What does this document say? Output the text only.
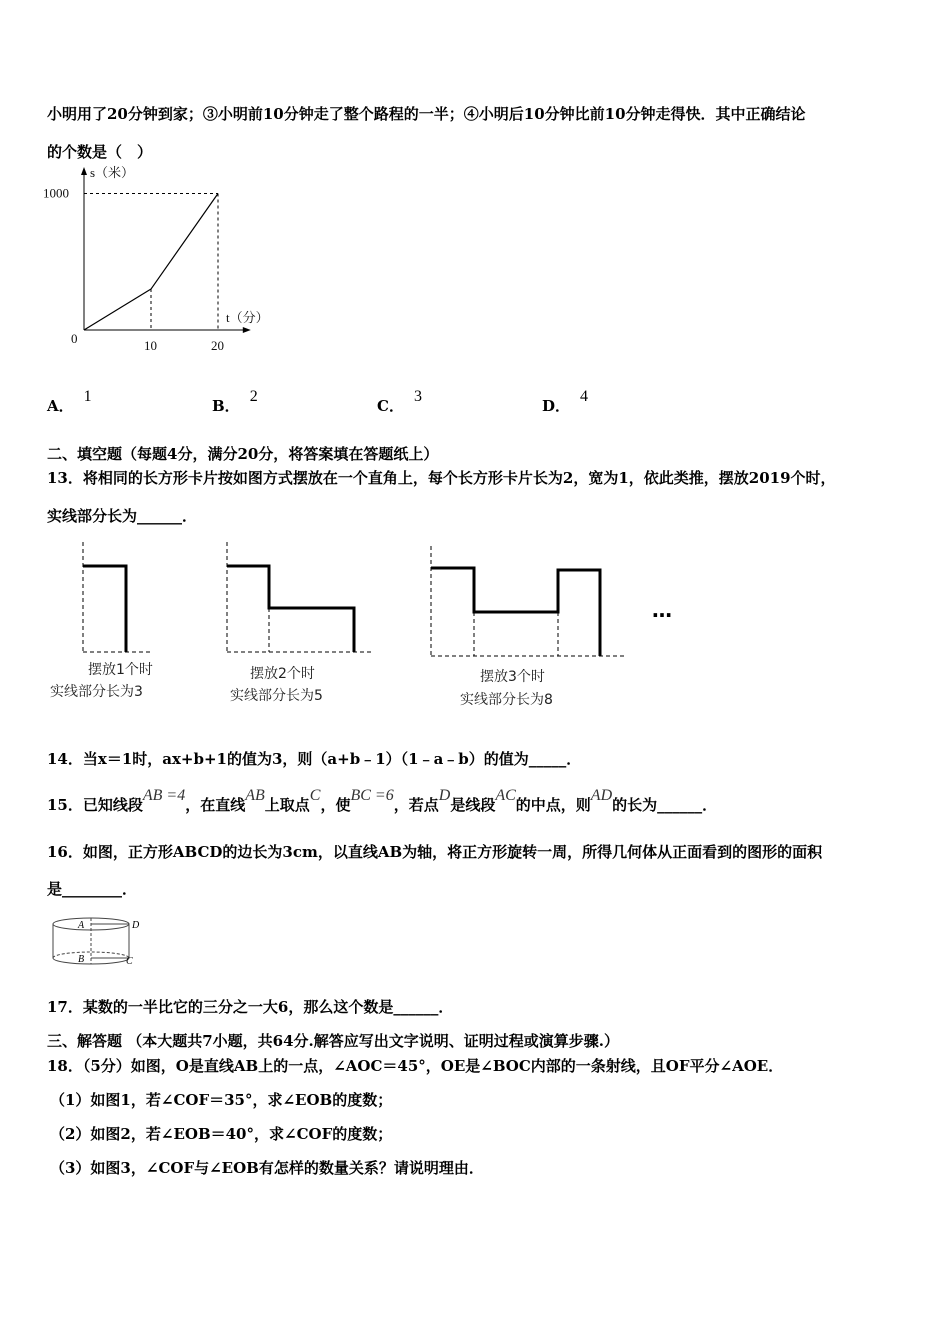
小明用了20分钟到家；③小明前10分钟走了整个路程的一半；④小明后10分钟比前10分钟走得快．其中正确结论
的个数是（　）
0	10	20
1000
s（米）
t（分）
A．1
B．2
C．3
D．4
二、填空题（每题4分，满分20分，将答案填在答题纸上）
13．将相同的长方形卡片按如图方式摆放在一个直角上，每个长方形卡片长为2，宽为1，依此类推，摆放2019个时，
实线部分长为______．
摆放1个时
实线部分长为3
摆放2个时
实线部分长为5
摆放3个时
实线部分长为8
…
14．当x＝1时，ax+b+1的值为3，则（a+b﹣1）（1﹣a﹣b）的值为_____．
15．已知线段AB =4，在直线AB上取点C，使BC =6，若点D是线段AC的中点，则AD的长为______．
16．如图，正方形ABCD的边长为3cm，以直线AB为轴，将正方形旋转一周，所得几何体从正面看到的图形的面积
是________．
A	D
B	C
17．某数的一半比它的三分之一大6，那么这个数是______．
三、解答题 （本大题共7小题，共64分.解答应写出文字说明、证明过程或演算步骤.）
18．（5分）如图，O是直线AB上的一点，∠AOC＝45°，OE是∠BOC内部的一条射线，且OF平分∠AOE．
（1）如图1，若∠COF＝35°，求∠EOB的度数；
（2）如图2，若∠EOB＝40°，求∠COF的度数；
（3）如图3，∠COF与∠EOB有怎样的数量关系？请说明理由．
